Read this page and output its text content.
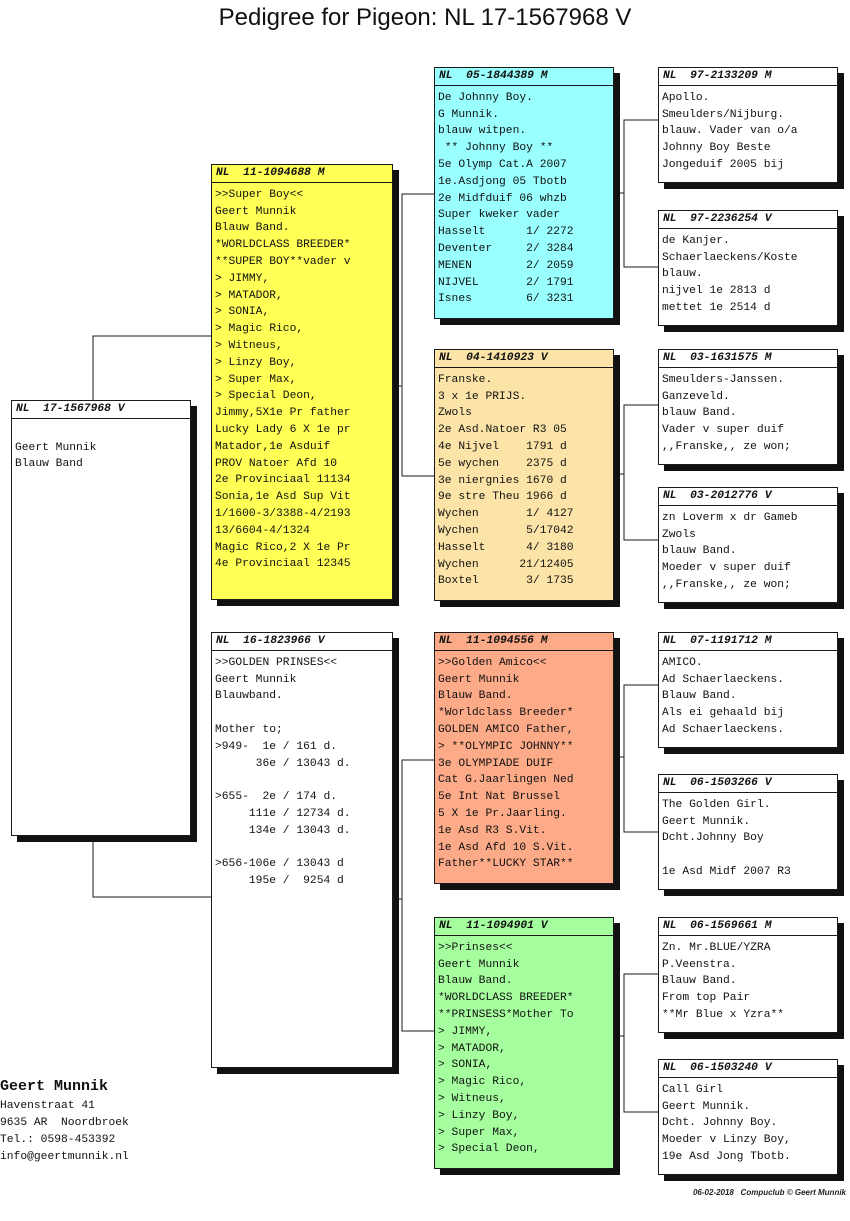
Pedigree for Pigeon: NL 17-1567968 V
NL  17-1567968 V
Geert Munnik
Blauw Band
NL  11-1094688 M
>>Super Boy<<
Geert Munnik
Blauw Band.
*WORLDCLASS BREEDER*
**SUPER BOY**vader v
> JIMMY,
> MATADOR,
> SONIA,
> Magic Rico,
> Witneus,
> Linzy Boy,
> Super Max,
> Special Deon,
Jimmy,5X1e Pr father
Lucky Lady 6 X 1e pr
Matador,1e Asduif
PROV Natoer Afd 10
2e Provinciaal 11134
Sonia,1e Asd Sup Vit
1/1600-3/3388-4/2193
13/6604-4/1324
Magic Rico,2 X 1e Pr
4e Provinciaal 12345
NL  16-1823966 V
>>GOLDEN PRINSES<<
Geert Munnik
Blauwband.
Mother to;
>949-  1e / 161 d.
36e / 13043 d.
>655-  2e / 174 d.
111e / 12734 d.
134e / 13043 d.
>656-106e / 13043 d
195e /  9254 d
NL  05-1844389 M
De Johnny Boy.
G Munnik.
blauw witpen.
** Johnny Boy **
5e Olymp Cat.A 2007
1e.Asdjong 05 Tbotb
2e Midfduif 06 whzb
Super kweker vader
Hasselt      1/ 2272
Deventer     2/ 3284
MENEN        2/ 2059
NIJVEL       2/ 1791
Isnes        6/ 3231
NL  04-1410923 V
Franske.
3 x 1e PRIJS.
Zwols
2e Asd.Natoer R3 05
4e Nijvel    1791 d
5e wychen    2375 d
3e niergnies 1670 d
9e stre Theu 1966 d
Wychen       1/ 4127
Wychen       5/17042
Hasselt      4/ 3180
Wychen      21/12405
Boxtel       3/ 1735
NL  11-1094556 M
>>Golden Amico<<
Geert Munnik
Blauw Band.
*Worldclass Breeder*
GOLDEN AMICO Father,
> **OLYMPIC JOHNNY**
3e OLYMPIADE DUIF
Cat G.Jaarlingen Ned
5e Int Nat Brussel
5 X 1e Pr.Jaarling.
1e Asd R3 S.Vit.
1e Asd Afd 10 S.Vit.
Father**LUCKY STAR**
NL  11-1094901 V
>>Prinses<<
Geert Munnik
Blauw Band.
*WORLDCLASS BREEDER*
**PRINSESS*Mother To
> JIMMY,
> MATADOR,
> SONIA,
> Magic Rico,
> Witneus,
> Linzy Boy,
> Super Max,
> Special Deon,
NL  97-2133209 M
Apollo.
Smeulders/Nijburg.
blauw. Vader van o/a
Johnny Boy Beste
Jongeduif 2005 bij
NL  97-2236254 V
de Kanjer.
Schaerlaeckens/Koste
blauw.
nijvel 1e 2813 d
mettet 1e 2514 d
NL  03-1631575 M
Smeulders-Janssen.
Ganzeveld.
blauw Band.
Vader v super duif
,,Franske,, ze won;
NL  03-2012776 V
zn Loverm x dr Gameb
Zwols
blauw Band.
Moeder v super duif
,,Franske,, ze won;
NL  07-1191712 M
AMICO.
Ad Schaerlaeckens.
Blauw Band.
Als ei gehaald bij
Ad Schaerlaeckens.
NL  06-1503266 V
The Golden Girl.
Geert Munnik.
Dcht.Johnny Boy
1e Asd Midf 2007 R3
NL  06-1569661 M
Zn. Mr.BLUE/YZRA
P.Veenstra.
Blauw Band.
From top Pair
**Mr Blue x Yzra**
NL  06-1503240 V
Call Girl
Geert Munnik.
Dcht. Johnny Boy.
Moeder v Linzy Boy,
19e Asd Jong Tbotb.
Geert Munnik
Havenstraat 41
9635 AR  Noordbroek
Tel.: 0598-453392
info@geertmunnik.nl
06-02-2018 Compuclub © Geert Munnik
